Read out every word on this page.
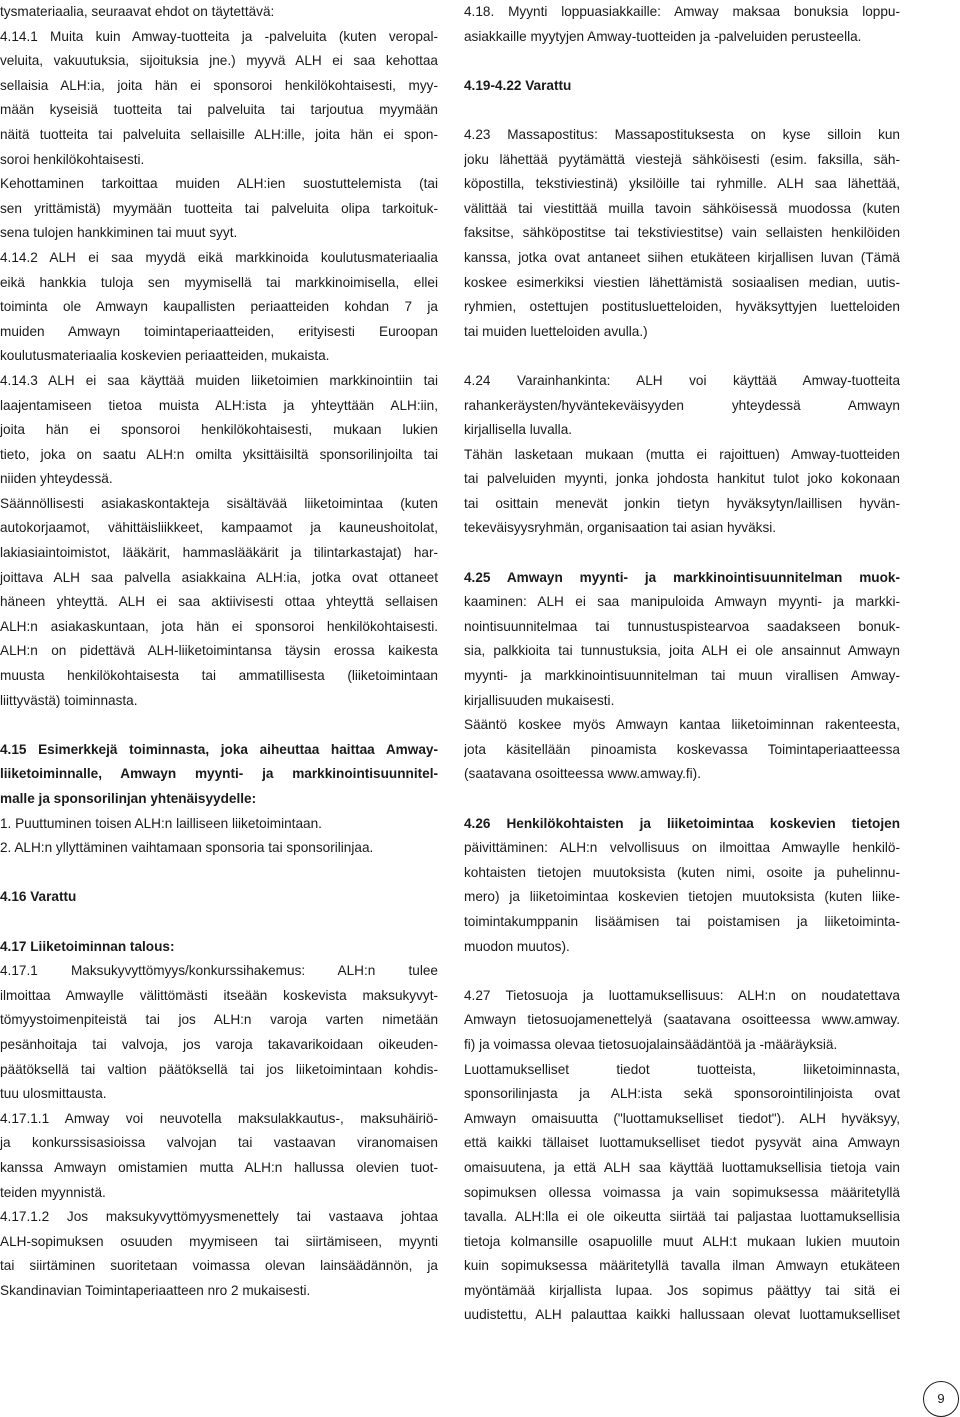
tysmateriaalia, seuraavat ehdot on täytettävä:
4.14.1 Muita kuin Amway-tuotteita ja -palveluita (kuten veropal-
veluita, vakuutuksia, sijoituksia jne.) myyvä ALH ei saa kehottaa
sellaisia ALH:ia, joita hän ei sponsoroi henkilökohtaisesti, myy-
mään kyseisiä tuotteita tai palveluita tai tarjoutua myymään
näitä tuotteita tai palveluita sellaisille ALH:ille, joita hän ei spon-
soroi henkilökohtaisesti.
Kehottaminen tarkoittaa muiden ALH:ien suostuttelemista (tai
sen yrittämistä) myymään tuotteita tai palveluita olipa tarkoituk-
sena tulojen hankkiminen tai muut syyt.
4.14.2 ALH ei saa myydä eikä markkinoida koulutusmateriaalia
eikä hankkia tuloja sen myymisellä tai markkinoimisella, ellei
toiminta ole Amwayn kaupallisten periaatteiden kohdan 7 ja
muiden Amwayn toimintaperiaatteiden, erityisesti Euroopan
koulutusmateriaalia koskevien periaatteiden, mukaista.
4.14.3 ALH ei saa käyttää muiden liiketoimien markkinointiin tai
laajentamiseen tietoa muista ALH:ista ja yhteyttään ALH:iin,
joita hän ei sponsoroi henkilökohtaisesti, mukaan lukien
tieto, joka on saatu ALH:n omilta yksittäisiltä sponsorilinjoilta tai
niiden yhteydessä.
Säännöllisesti asiakaskontakteja sisältävää liiketoimintaa (kuten
autokorjaamot, vähittäisliikkeet, kampaamot ja kauneushoitolat,
lakiasiaintoimistot, lääkärit, hammaslääkärit ja tilintarkastajat) har-
joittava ALH saa palvella asiakkaina ALH:ia, jotka ovat ottaneet
häneen yhteyttä. ALH ei saa aktiivisesti ottaa yhteyttä sellaisen
ALH:n asiakaskuntaan, jota hän ei sponsoroi henkilökohtaisesti.
ALH:n on pidettävä ALH-liiketoimintansa täysin erossa kaikesta
muusta henkilökohtaisesta tai ammatillisesta (liiketoimintaan
liittyvästä) toiminnasta.
4.15 Esimerkkejä toiminnasta, joka aiheuttaa haittaa Amway-
liiketoiminnalle, Amwayn myynti- ja markkinointisuunnitel-
malle ja sponsorilinjan yhtenäisyydelle:
1. Puuttuminen toisen ALH:n lailliseen liiketoimintaan.
2. ALH:n yllyttäminen vaihtamaan sponsoria tai sponsorilinjaa.
4.16 Varattu
4.17 Liiketoiminnan talous:
4.17.1 Maksukyvyttömyys/konkurssihakemus: ALH:n tulee
ilmoittaa Amwaylle välittömästi itseään koskevista maksukyvyt-
tömyystoimenpiteistä tai jos ALH:n varoja varten nimetään
pesänhoitaja tai valvoja, jos varoja takavarikoidaan oikeuden-
päätöksellä tai valtion päätöksellä tai jos liiketoimintaan kohdis-
tuu ulosmittausta.
4.17.1.1 Amway voi neuvotella maksulakkautus-, maksuhäiriö-
ja konkurssisasioissa valvojan tai vastaavan viranomaisen
kanssa Amwayn omistamien mutta ALH:n hallussa olevien tuot-
teiden myynnistä.
4.17.1.2 Jos maksukyvyttömyysmenettely tai vastaava johtaa
ALH-sopimuksen osuuden myymiseen tai siirtämiseen, myynti
tai siirtäminen suoritetaan voimassa olevan lainsäädännön, ja
Skandinavian Toimintaperiaatteen nro 2 mukaisesti.
4.18. Myynti loppuasiakkaille: Amway maksaa bonuksia loppu-
asiakkaille myytyjen Amway-tuotteiden ja -palveluiden perusteella.
4.19-4.22 Varattu
4.23 Massapostitus: Massapostituksesta on kyse silloin kun
joku lähettää pyytämättä viestejä sähköisesti (esim. faksilla, säh-
köpostilla, tekstiviestinä) yksilöille tai ryhmille. ALH saa lähettää,
välittää tai viestittää muilla tavoin sähköisessä muodossa (kuten
faksitse, sähköpostitse tai tekstiviestitse) vain sellaisten henkilöiden
kanssa, jotka ovat antaneet siihen etukäteen kirjallisen luvan (Tämä
koskee esimerkiksi viestien lähettämistä sosiaalisen median, uutis-
ryhmien, ostettujen postitusluetteloiden, hyväksyttyjen luetteloiden
tai muiden luetteloiden avulla.)
4.24 Varainhankinta: ALH voi käyttää Amway-tuotteita
rahankeräysten/hyväntekeväisyyden yhteydessä Amwayn
kirjallisella luvalla.
Tähän lasketaan mukaan (mutta ei rajoittuen) Amway-tuotteiden
tai palveluiden myynti, jonka johdosta hankitut tulot joko kokonaan
tai osittain menevät jonkin tietyn hyväksytyn/laillisen hyvän-
tekeväisyysryhmän, organisaation tai asian hyväksi.
4.25 Amwayn myynti- ja markkinointisuunnitelman muok-
kaaminen: ALH ei saa manipuloida Amwayn myynti- ja markki-
nointisuunnitelmaa tai tunnustuspistearvoa saadakseen bonuk-
sia, palkkioita tai tunnustuksia, joita ALH ei ole ansainnut Amwayn
myynti- ja markkinointisuunnitelman tai muun virallisen Amway-
kirjallisuuden mukaisesti.
Sääntö koskee myös Amwayn kantaa liiketoiminnan rakenteesta,
jota käsitellään pinoamista koskevassa Toimintaperiaatteessa
(saatavana osoitteessa www.amway.fi).
4.26 Henkilökohtaisten ja liiketoimintaa koskevien tietojen
päivittäminen: ALH:n velvollisuus on ilmoittaa Amwaylle henkilö-
kohtaisten tietojen muutoksista (kuten nimi, osoite ja puhelinnu-
mero) ja liiketoimintaa koskevien tietojen muutoksista (kuten liike-
toimintakumppanin lisäämisen tai poistamisen ja liiketoiminta-
muodon muutos).
4.27 Tietosuoja ja luottamuksellisuus: ALH:n on noudatettava
Amwayn tietosuojamenettelyä (saatavana osoitteessa www.amway.
fi) ja voimassa olevaa tietosuojalainsäädäntöä ja -määräyksiä.
Luottamukselliset tiedot tuotteista, liiketoiminnasta,
sponsorilinjasta ja ALH:ista sekä sponsorointilinjoista ovat
Amwayn omaisuutta ("luottamukselliset tiedot"). ALH hyväksyy,
että kaikki tällaiset luottamukselliset tiedot pysyvät aina Amwayn
omaisuutena, ja että ALH saa käyttää luottamuksellisia tietoja vain
sopimuksen ollessa voimassa ja vain sopimuksessa määritetyllä
tavalla. ALH:lla ei ole oikeutta siirtää tai paljastaa luottamuksellisia
tietoja kolmansille osapuolille muut ALH:t mukaan lukien muutoin
kuin sopimuksessa määritetyllä tavalla ilman Amwayn etukäteen
myöntämää kirjallista lupaa. Jos sopimus päättyy tai sitä ei
uudistettu, ALH palauttaa kaikki hallussaan olevat luottamukselliset
9
